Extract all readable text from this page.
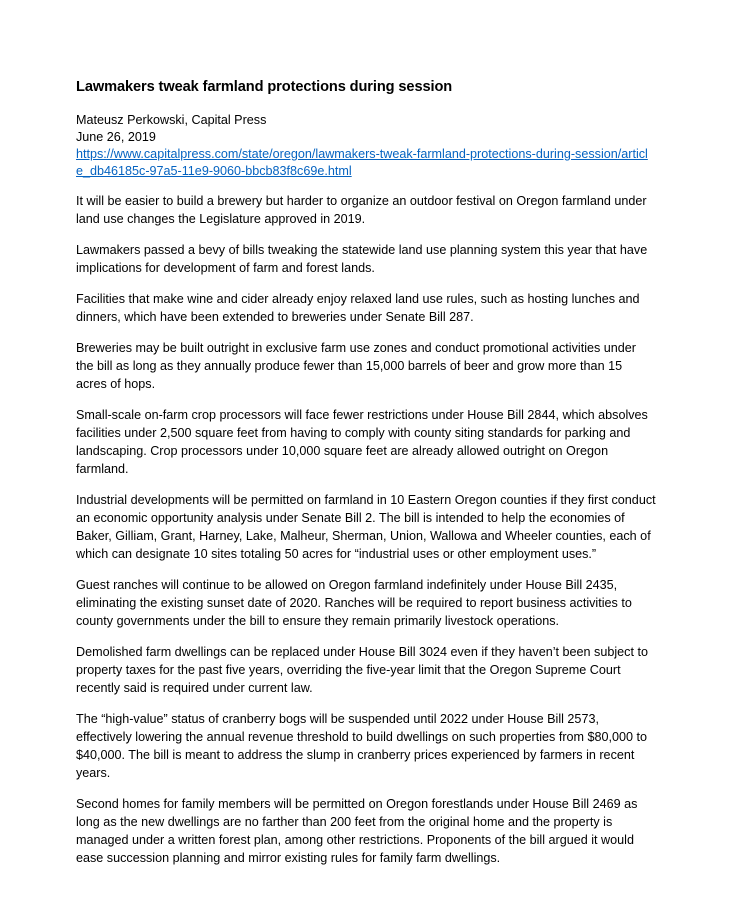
Lawmakers tweak farmland protections during session
Mateusz Perkowski, Capital Press
June 26, 2019
https://www.capitalpress.com/state/oregon/lawmakers-tweak-farmland-protections-during-session/article_db46185c-97a5-11e9-9060-bbcb83f8c69e.html

It will be easier to build a brewery but harder to organize an outdoor festival on Oregon farmland under land use changes the Legislature approved in 2019.

Lawmakers passed a bevy of bills tweaking the statewide land use planning system this year that have implications for development of farm and forest lands.

Facilities that make wine and cider already enjoy relaxed land use rules, such as hosting lunches and dinners, which have been extended to breweries under Senate Bill 287.

Breweries may be built outright in exclusive farm use zones and conduct promotional activities under the bill as long as they annually produce fewer than 15,000 barrels of beer and grow more than 15 acres of hops.

Small-scale on-farm crop processors will face fewer restrictions under House Bill 2844, which absolves facilities under 2,500 square feet from having to comply with county siting standards for parking and landscaping. Crop processors under 10,000 square feet are already allowed outright on Oregon farmland.

Industrial developments will be permitted on farmland in 10 Eastern Oregon counties if they first conduct an economic opportunity analysis under Senate Bill 2. The bill is intended to help the economies of Baker, Gilliam, Grant, Harney, Lake, Malheur, Sherman, Union, Wallowa and Wheeler counties, each of which can designate 10 sites totaling 50 acres for “industrial uses or other employment uses.”

Guest ranches will continue to be allowed on Oregon farmland indefinitely under House Bill 2435, eliminating the existing sunset date of 2020. Ranches will be required to report business activities to county governments under the bill to ensure they remain primarily livestock operations.

Demolished farm dwellings can be replaced under House Bill 3024 even if they haven’t been subject to property taxes for the past five years, overriding the five-year limit that the Oregon Supreme Court recently said is required under current law.

The “high-value” status of cranberry bogs will be suspended until 2022 under House Bill 2573, effectively lowering the annual revenue threshold to build dwellings on such properties from $80,000 to $40,000. The bill is meant to address the slump in cranberry prices experienced by farmers in recent years.

Second homes for family members will be permitted on Oregon forestlands under House Bill 2469 as long as the new dwellings are no farther than 200 feet from the original home and the property is managed under a written forest plan, among other restrictions. Proponents of the bill argued it would ease succession planning and mirror existing rules for family farm dwellings.
